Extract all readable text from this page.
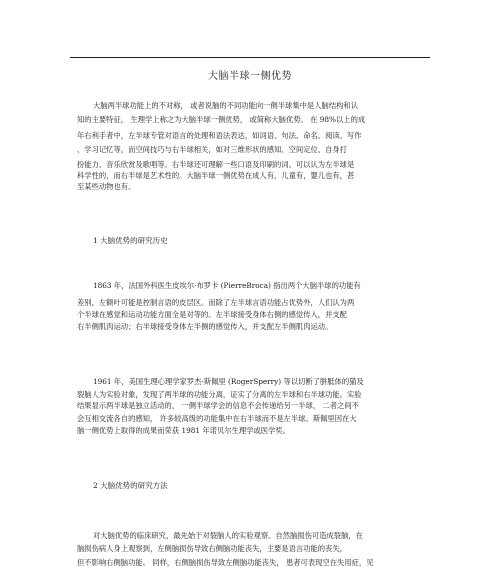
大脑半球一侧优势
大脑两半球功能上的不对称， 或者说脑的不同功能向一侧半球集中是人脑结构和认
知的主要特征， 生理学上称之为大脑半球一侧优势， 或简称大脑优势。 在 98%以上的成
年右利手者中，左半球专管对语言的处理和语法表达，如词语、句法、命名、阅读、写作
、学习记忆等，而空间技巧与右半球相关，如对三维形状的感知、空间定位、自身打
扮能力、音乐欣赏及歌唱等。右半球还可理解一些口语及印刷的词。可以认为左半球是
科学性的，而右半球是艺术性的。大脑半球一侧优势在成人有，儿童有，婴儿也有，甚
至某些动物也有。
1 大脑优势的研究历史
1863 年，法国外科医生皮埃尔·布罗卡 (PierreBroca) 指出两个大脑半球的功能有
差别，左额叶可能是控制言语的皮层区。而除了左半球言语功能占优势外，人们认为两
个半球在感觉和运动功能方面全是对等的。左半球接受身体右侧的感觉传入，并支配
右半侧肌肉运动；右半球接受身体左半侧的感觉传入，并支配左半侧肌肉运动。
1961 年，美国生理心理学家罗杰·斯佩里 (RogerSperry) 等以切断了胼胝体的猫及
裂脑人为实验对象，发现了两半球的功能分离，证实了分离的左半球和右半球功能。实验
结果显示两半球是独立活动的， 一侧半球学会的信息不会传递给另一半球， 二者之间不
会互相交流各自的感知， 许多较高级的功能集中在右半球而不是左半球。斯佩里因在大
脑一侧优势上取得的成果而荣获 1981 年诺贝尔生理学或医学奖。
2 大脑优势的研究方法
对大脑优势的临床研究，最先始于对裂脑人的实验观察。自然脑损伤可造成裂脑，在
脑损伤病人身上观察到，左侧脑损伤导致右侧脑功能丧失，主要是语言功能的丧失，
但不影响右侧脑功能。 同样，右侧脑损伤导致左侧脑功能丧失， 患者可表现空在失用症，见
